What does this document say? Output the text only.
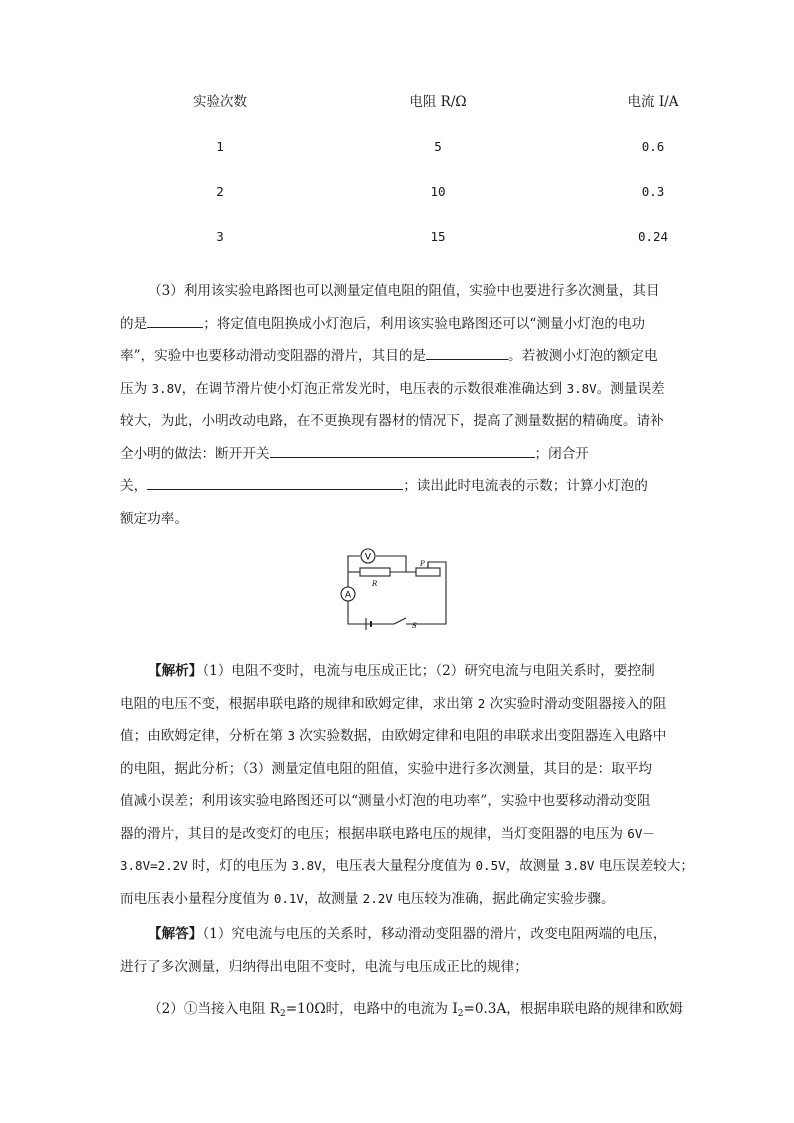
实验次数	电阻 R/Ω	电流 I/A
1	5	0.6
2	10	0.3
3	15	0.24
（3）利用该实验电路图也可以测量定值电阻的阻值，实验中也要进行多次测量，其目
的是	；将定值电阻换成小灯泡后，利用该实验电路图还可以“测量小灯泡的电功
率”，实验中也要移动滑动变阻器的滑片，其目的是	。若被测小灯泡的额定电
压为 3.8V，在调节滑片使小灯泡正常发光时，电压表的示数很难准确达到 3.8V。测量误差
较大，为此，小明改动电路，在不更换现有器材的情况下，提高了测量数据的精确度。请补
全小明的做法：断开开关	；闭合开
关，	；读出此时电流表的示数；计算小灯泡的
额定功率。
V
A
R
P
S
【解析】（1）电阻不变时，电流与电压成正比；（2）研究电流与电阻关系时，要控制
电阻的电压不变，根据串联电路的规律和欧姆定律，求出第 2 次实验时滑动变阻器接入的阻
值；由欧姆定律，分析在第 3 次实验数据，由欧姆定律和电阻的串联求出变阻器连入电路中
的电阻，据此分析；（3）测量定值电阻的阻值，实验中进行多次测量，其目的是：取平均
值减小误差；利用该实验电路图还可以“测量小灯泡的电功率”，实验中也要移动滑动变阻
器的滑片，其目的是改变灯的电压；根据串联电路电压的规律，当灯变阻器的电压为 6V－
3.8V=2.2V 时，灯的电压为 3.8V，电压表大量程分度值为 0.5V，故测量 3.8V 电压误差较大；
而电压表小量程分度值为 0.1V，故测量 2.2V 电压较为准确，据此确定实验步骤。
【解答】（1）究电流与电压的关系时，移动滑动变阻器的滑片，改变电阻两端的电压，
进行了多次测量，归纳得出电阻不变时，电流与电压成正比的规律；
（2）①当接入电阻 $R_2=10\Omega$时，电路中的电流为 $I_2=0.3A$，根据串联电路的规律和欧姆
